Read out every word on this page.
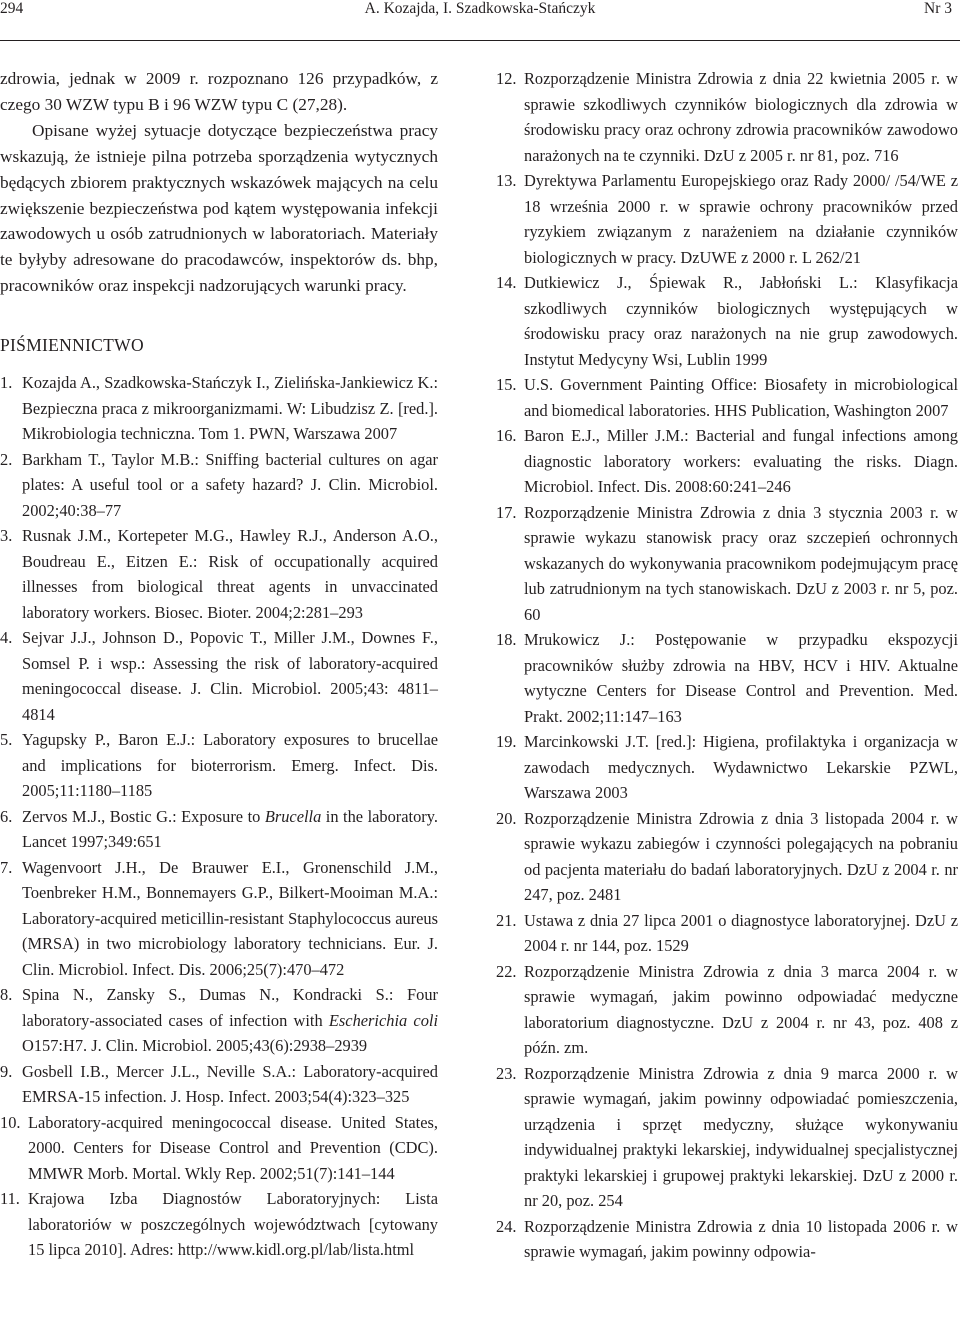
294	A. Kozajda, I. Szadkowska-Stańczyk	Nr 3

zdrowia, jednak w 2009 r. rozpoznano 126 przypadków, z czego 30 WZW typu B i 96 WZW typu C (27,28).

Opisane wyżej sytuacje dotyczące bezpieczeństwa pracy wskazują, że istnieje pilna potrzeba sporządzenia wytycznych będących zbiorem praktycznych wskazówek mających na celu zwiększenie bezpieczeństwa pod kątem występowania infekcji zawodowych u osób zatrudnionych w laboratoriach. Materiały te byłyby adresowane do pracodawców, inspektorów ds. bhp, pracowników oraz inspekcji nadzorujących warunki pracy.

PIŚMIENNICTWO
1. Kozajda A., Szadkowska-Stańczyk I., Zielińska-Jankiewicz K.: Bezpieczna praca z mikroorganizmami. W: Libudzisz Z. [red.]. Mikrobiologia techniczna. Tom 1. PWN, Warszawa 2007
2. Barkham T., Taylor M.B.: Sniffing bacterial cultures on agar plates: A useful tool or a safety hazard? J. Clin. Microbiol. 2002;40:38–77
3. Rusnak J.M., Kortepeter M.G., Hawley R.J., Anderson A.O., Boudreau E., Eitzen E.: Risk of occupationally acquired illnesses from biological threat agents in unvaccinated laboratory workers. Biosec. Bioter. 2004;2:281–293
4. Sejvar J.J., Johnson D., Popovic T., Miller J.M., Downes F., Somsel P. i wsp.: Assessing the risk of laboratory-acquired meningococcal disease. J. Clin. Microbiol. 2005;43: 4811–4814
5. Yagupsky P., Baron E.J.: Laboratory exposures to brucellae and implications for bioterrorism. Emerg. Infect. Dis. 2005;11:1180–1185
6. Zervos M.J., Bostic G.: Exposure to Brucella in the laboratory. Lancet 1997;349:651
7. Wagenvoort J.H., De Brauwer E.I., Gronenschild J.M., Toenbreker H.M., Bonnemayers G.P., Bilkert-Mooiman M.A.: Laboratory-acquired meticillin-resistant Staphylococcus aureus (MRSA) in two microbiology laboratory technicians. Eur. J. Clin. Microbiol. Infect. Dis. 2006;25(7):470–472
8. Spina N., Zansky S., Dumas N., Kondracki S.: Four laboratory-associated cases of infection with Escherichia coli O157:H7. J. Clin. Microbiol. 2005;43(6):2938–2939
9. Gosbell I.B., Mercer J.L., Neville S.A.: Laboratory-acquired EMRSA-15 infection. J. Hosp. Infect. 2003;54(4):323–325
10. Laboratory-acquired meningococcal disease. United States, 2000. Centers for Disease Control and Prevention (CDC). MMWR Morb. Mortal. Wkly Rep. 2002;51(7):141–144
11. Krajowa Izba Diagnostów Laboratoryjnych: Lista laboratoriów w poszczególnych województwach [cytowany 15 lipca 2010]. Adres: http://www.kidl.org.pl/lab/lista.html
12. Rozporządzenie Ministra Zdrowia z dnia 22 kwietnia 2005 r. w sprawie szkodliwych czynników biologicznych dla zdrowia w środowisku pracy oraz ochrony zdrowia pracowników zawodowo narażonych na te czynniki. DzU z 2005 r. nr 81, poz. 716
13. Dyrektywa Parlamentu Europejskiego oraz Rady 2000/ /54/WE z 18 września 2000 r. w sprawie ochrony pracowników przed ryzykiem związanym z narażeniem na działanie czynników biologicznych w pracy. DzUWE z 2000 r. L 262/21
14. Dutkiewicz J., Śpiewak R., Jabłoński L.: Klasyfikacja szkodliwych czynników biologicznych występujących w środowisku pracy oraz narażonych na nie grup zawodowych. Instytut Medycyny Wsi, Lublin 1999
15. U.S. Government Painting Office: Biosafety in microbiological and biomedical laboratories. HHS Publication, Washington 2007
16. Baron E.J., Miller J.M.: Bacterial and fungal infections among diagnostic laboratory workers: evaluating the risks. Diagn. Microbiol. Infect. Dis. 2008:60:241–246
17. Rozporządzenie Ministra Zdrowia z dnia 3 stycznia 2003 r. w sprawie wykazu stanowisk pracy oraz szczepień ochronnych wskazanych do wykonywania pracownikom podejmującym pracę lub zatrudnionym na tych stanowiskach. DzU z 2003 r. nr 5, poz. 60
18. Mrukowicz J.: Postępowanie w przypadku ekspozycji pracowników służby zdrowia na HBV, HCV i HIV. Aktualne wytyczne Centers for Disease Control and Prevention. Med. Prakt. 2002;11:147–163
19. Marcinkowski J.T. [red.]: Higiena, profilaktyka i organizacja w zawodach medycznych. Wydawnictwo Lekarskie PZWL, Warszawa 2003
20. Rozporządzenie Ministra Zdrowia z dnia 3 listopada 2004 r. w sprawie wykazu zabiegów i czynności polegających na pobraniu od pacjenta materiału do badań laboratoryjnych. DzU z 2004 r. nr 247, poz. 2481
21. Ustawa z dnia 27 lipca 2001 o diagnostyce laboratoryjnej. DzU z 2004 r. nr 144, poz. 1529
22. Rozporządzenie Ministra Zdrowia z dnia 3 marca 2004 r. w sprawie wymagań, jakim powinno odpowiadać medyczne laboratorium diagnostyczne. DzU z 2004 r. nr 43, poz. 408 z późn. zm.
23. Rozporządzenie Ministra Zdrowia z dnia 9 marca 2000 r. w sprawie wymagań, jakim powinny odpowiadać pomieszczenia, urządzenia i sprzęt medyczny, służące wykonywaniu indywidualnej praktyki lekarskiej, indywidualnej specjalistycznej praktyki lekarskiej i grupowej praktyki lekarskiej. DzU z 2000 r. nr 20, poz. 254
24. Rozporządzenie Ministra Zdrowia z dnia 10 listopada 2006 r. w sprawie wymagań, jakim powinny odpowia-
